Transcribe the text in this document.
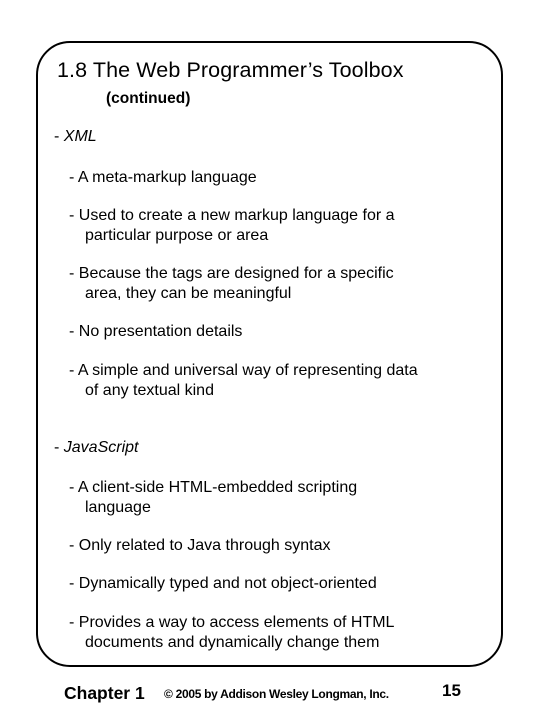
1.8 The Web Programmer’s Toolbox
(continued)
- XML
- A meta-markup language
- Used to create a new markup language for a
particular purpose or area
- Because the tags are designed for a specific
area, they can be meaningful
- No presentation details
- A simple and universal way of representing data
of any textual kind
- JavaScript
- A client-side HTML-embedded scripting
language
- Only related to Java through syntax
- Dynamically typed and not object-oriented
- Provides a way to access elements of HTML
documents and dynamically change them
Chapter 1 © 2005 by Addison Wesley Longman, Inc.	15
